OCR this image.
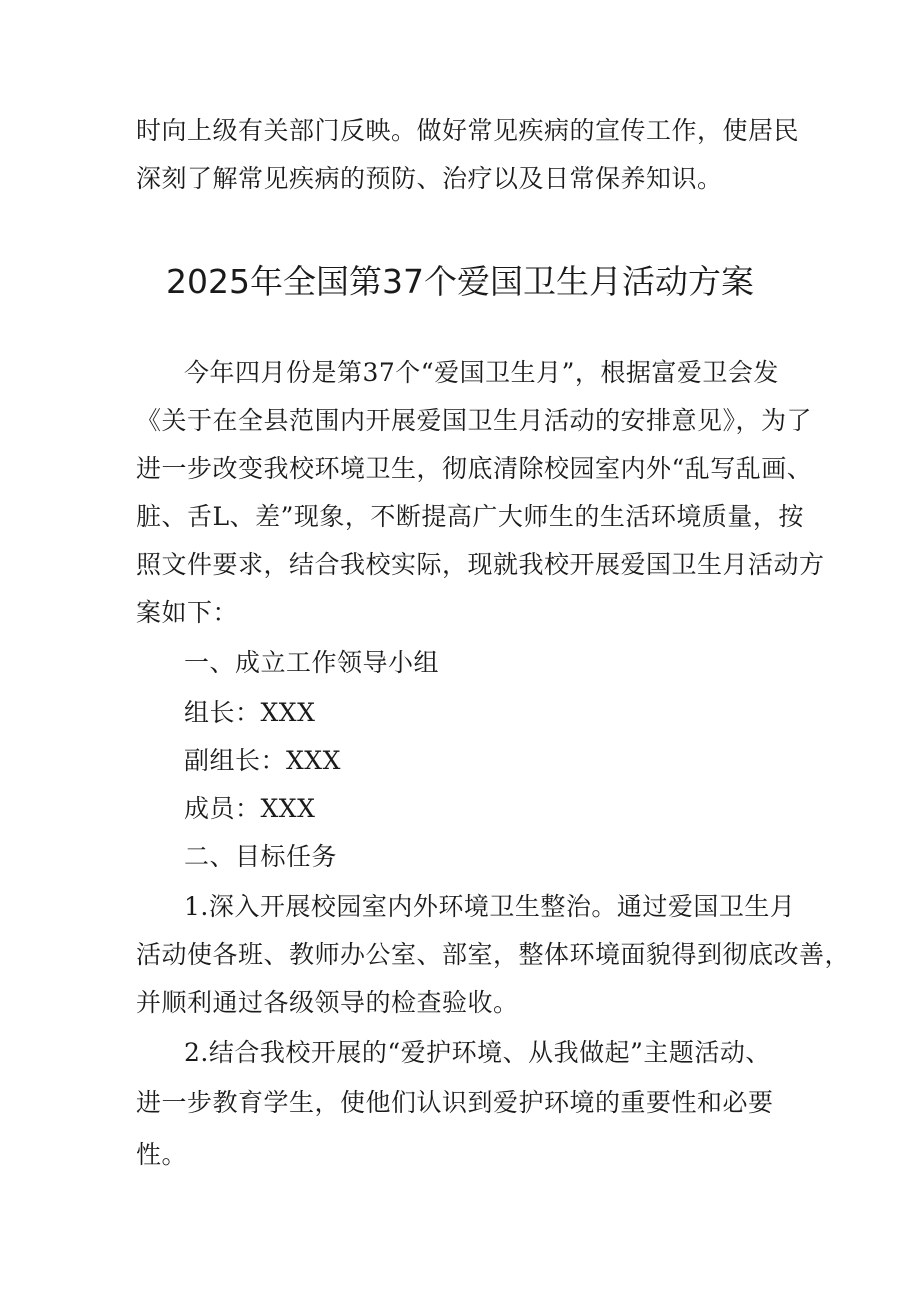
时向上级有关部门反映。做好常见疾病的宣传工作，使居民
深刻了解常见疾病的预防、治疗以及日常保养知识。
2025年全国第37个爱国卫生月活动方案
今年四月份是第37个“爱国卫生月”，根据富爱卫会发
《关于在全县范围内开展爱国卫生月活动的安排意见》，为了
进一步改变我校环境卫生，彻底清除校园室内外“乱写乱画、
脏、舌L、差”现象，不断提高广大师生的生活环境质量，按
照文件要求，结合我校实际，现就我校开展爱国卫生月活动方
案如下：
一、成立工作领导小组
组长：XXX
副组长：XXX
成员：XXX
二、目标任务
1.深入开展校园室内外环境卫生整治。通过爱国卫生月
活动使各班、教师办公室、部室，整体环境面貌得到彻底改善，
并顺利通过各级领导的检查验收。
2.结合我校开展的“爱护环境、从我做起”主题活动、
进一步教育学生，使他们认识到爱护环境的重要性和必要
性。
